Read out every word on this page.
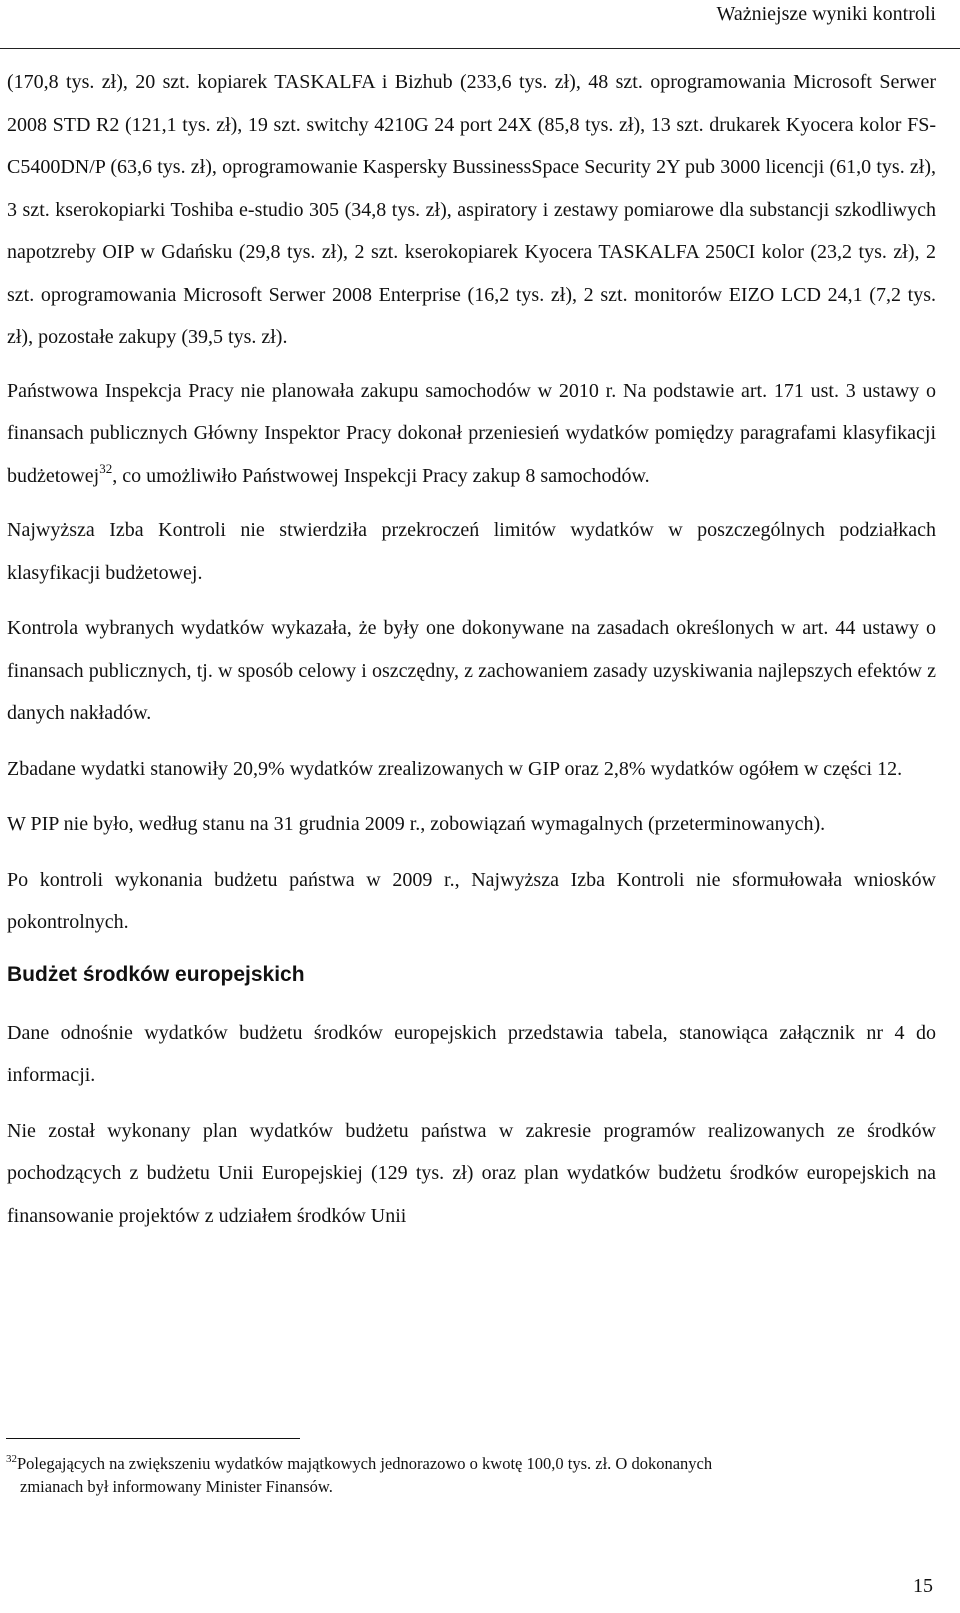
Ważniejsze wyniki kontroli

(170,8 tys. zł), 20 szt. kopiarek TASKALFA i Bizhub (233,6 tys. zł), 48 szt. oprogramowania Microsoft Serwer 2008 STD R2 (121,1 tys. zł), 19 szt. switchy 4210G 24 port 24X (85,8 tys. zł), 13 szt. drukarek Kyocera kolor FS-C5400DN/P (63,6 tys. zł), oprogramowanie Kaspersky BussinessSpace Security 2Y pub 3000 licencji (61,0 tys. zł), 3 szt. kserokopiarki Toshiba e-studio 305 (34,8 tys. zł), aspiratory i zestawy pomiarowe dla substancji szkodliwych napotzreby OIP w Gdańsku (29,8 tys. zł), 2 szt. kserokopiarek Kyocera TASKALFA 250CI kolor (23,2 tys. zł), 2 szt. oprogramowania Microsoft Serwer 2008 Enterprise (16,2 tys. zł), 2 szt. monitorów EIZO LCD 24,1 (7,2 tys. zł), pozostałe zakupy (39,5 tys. zł).

Państwowa Inspekcja Pracy nie planowała zakupu samochodów w 2010 r. Na podstawie art. 171 ust. 3 ustawy o finansach publicznych Główny Inspektor Pracy dokonał przeniesień wydatków pomiędzy paragrafami klasyfikacji budżetowej$^{32}$, co umożliwiło Państwowej Inspekcji Pracy zakup 8 samochodów.

Najwyższa Izba Kontroli nie stwierdziła przekroczeń limitów wydatków w poszczególnych podziałkach klasyfikacji budżetowej.

Kontrola wybranych wydatków wykazała, że były one dokonywane na zasadach określonych w art. 44 ustawy o finansach publicznych, tj. w sposób celowy i oszczędny, z zachowaniem zasady uzyskiwania najlepszych efektów z danych nakładów.

Zbadane wydatki stanowiły 20,9% wydatków zrealizowanych w GIP oraz 2,8% wydatków ogółem w części 12.

W PIP nie było, według stanu na 31 grudnia 2009 r., zobowiązań wymagalnych (przeterminowanych).

Po kontroli wykonania budżetu państwa w 2009 r., Najwyższa Izba Kontroli nie sformułowała wniosków pokontrolnych.

Budżet środków europejskich

Dane odnośnie wydatków budżetu środków europejskich przedstawia tabela, stanowiąca załącznik nr 4 do informacji.

Nie został wykonany plan wydatków budżetu państwa w zakresie programów realizowanych ze środków pochodzących z budżetu Unii Europejskiej (129 tys. zł) oraz plan wydatków budżetu środków europejskich na finansowanie projektów z udziałem środków Unii

$^{32}$Polegających na zwiększeniu wydatków majątkowych jednorazowo o kwotę 100,0 tys. zł. O dokonanych
zmianach był informowany Minister Finansów.
15
